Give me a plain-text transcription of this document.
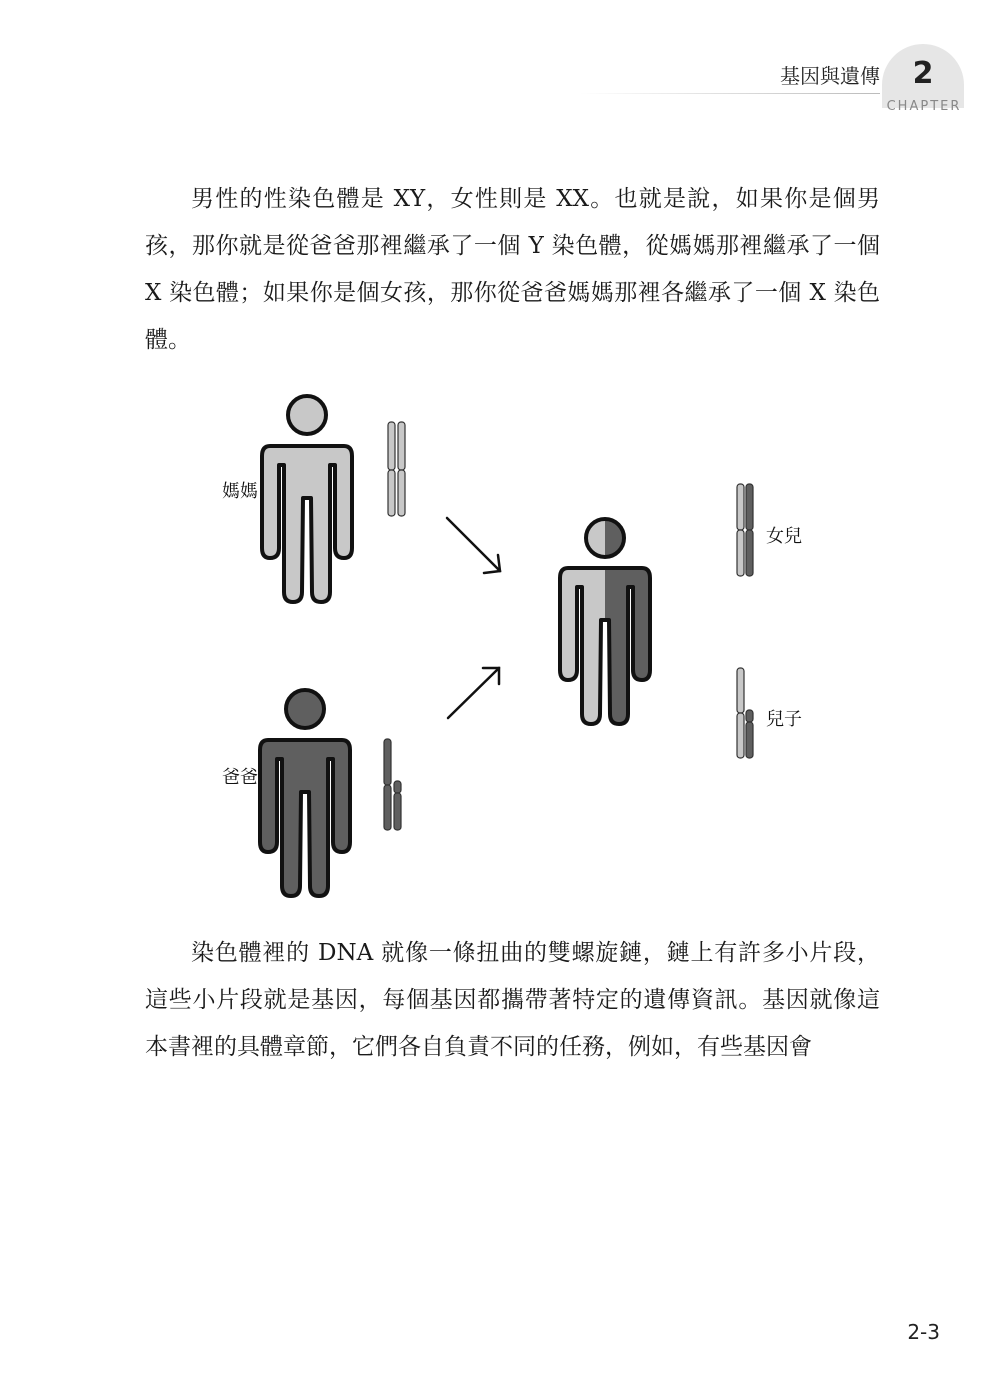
基因與遺傳	2
CHAPTER

男性的性染色體是 XY，女性則是 XX。也就是說，如果你是個男孩，那你就是從爸爸那裡繼承了一個 Y 染色體，從媽媽那裡繼承了一個 X 染色體；如果你是個女孩，那你從爸爸媽媽那裡各繼承了一個 X 染色體。

媽媽
爸爸
女兒
兒子

染色體裡的 DNA 就像一條扭曲的雙螺旋鏈，鏈上有許多小片段，這些小片段就是基因，每個基因都攜帶著特定的遺傳資訊。基因就像這本書裡的具體章節，它們各自負責不同的任務，例如，有些基因會

2-3
